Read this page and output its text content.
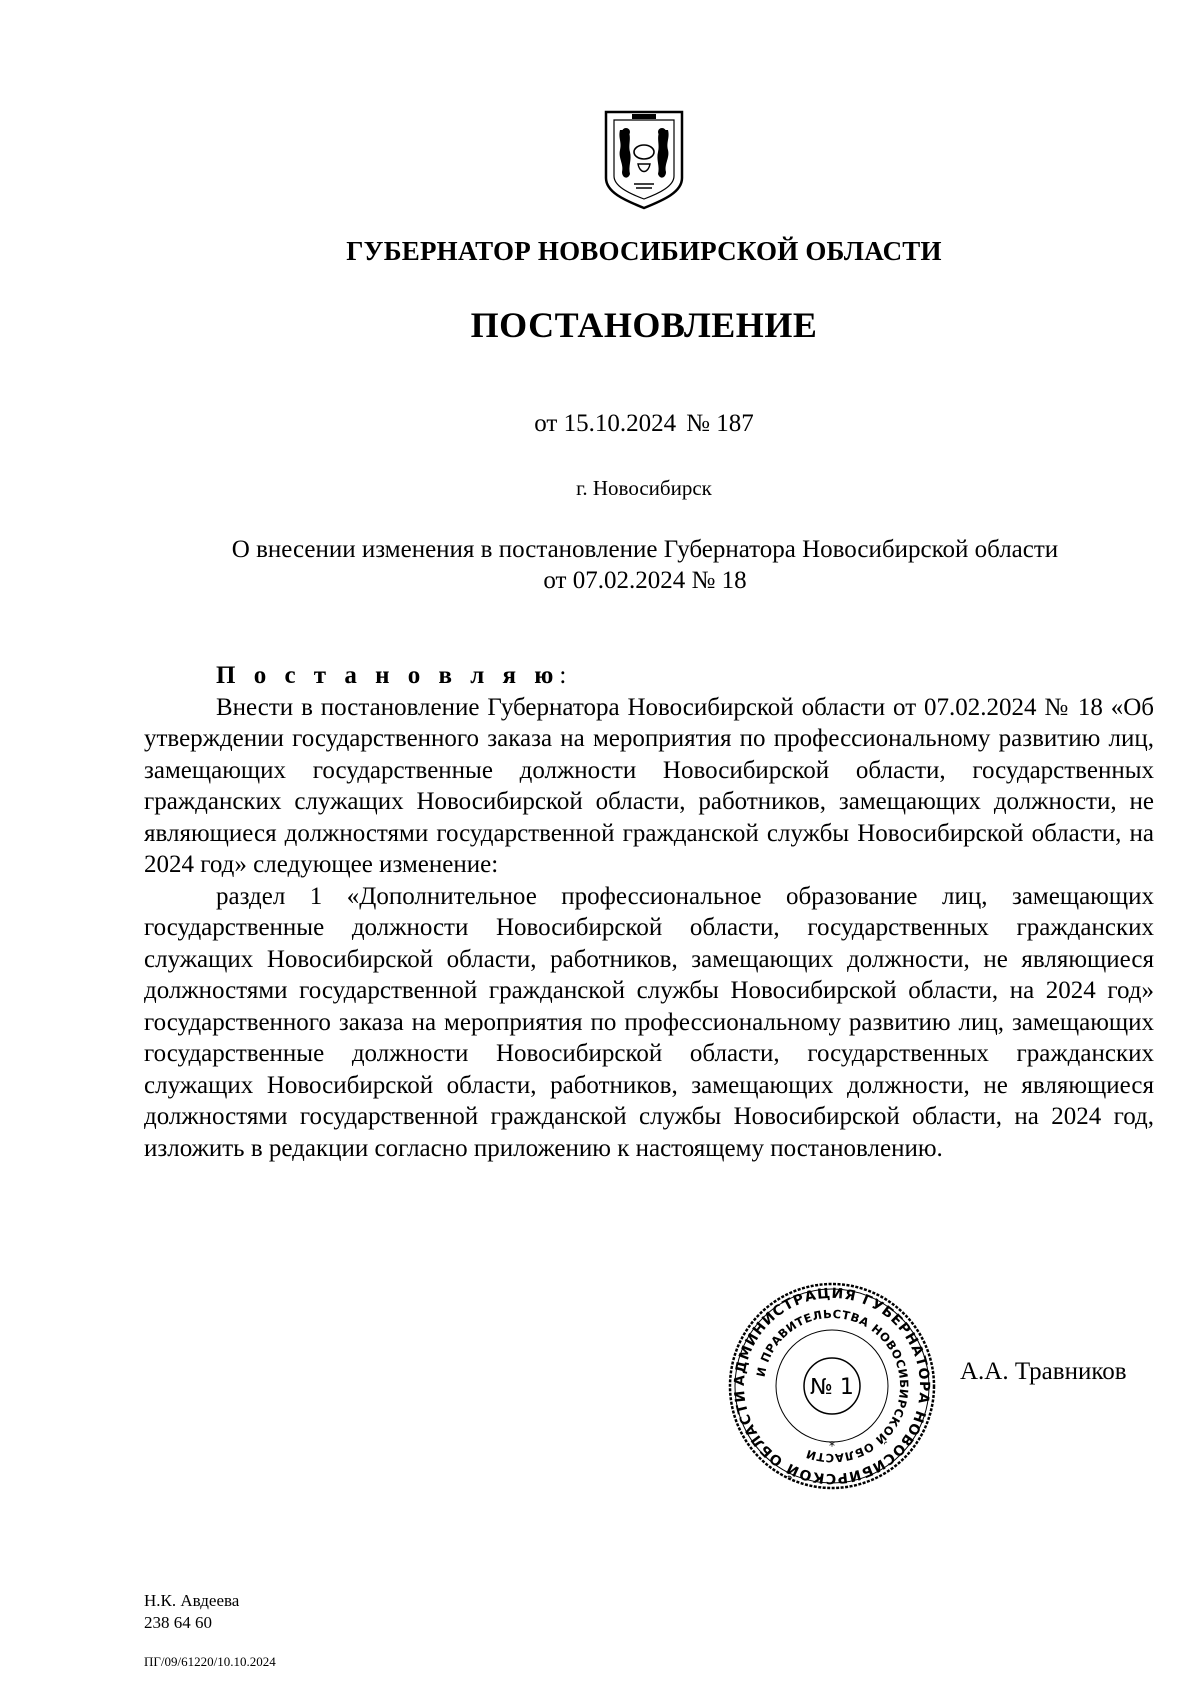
ГУБЕРНАТОР НОВОСИБИРСКОЙ ОБЛАСТИ
ПОСТАНОВЛЕНИЕ
от 15.10.2024 № 187
г. Новосибирск
О внесении изменения в постановление Губернатора Новосибирской области
от 07.02.2024 № 18

П о с т а н о в л я ю:

Внести в постановление Губернатора Новосибирской области от 07.02.2024 № 18 «Об утверждении государственного заказа на мероприятия по профессиональному развитию лиц, замещающих государственные должности Новосибирской области, государственных гражданских служащих Новосибирской области, работников, замещающих должности, не являющиеся должностями государственной гражданской службы Новосибирской области, на 2024 год» следующее изменение:

раздел 1 «Дополнительное профессиональное образование лиц, замещающих государственные должности Новосибирской области, государственных гражданских служащих Новосибирской области, работников, замещающих должности, не являющиеся должностями государственной гражданской службы Новосибирской области, на 2024 год» государственного заказа на мероприятия по профессиональному развитию лиц, замещающих государственные должности Новосибирской области, государственных гражданских служащих Новосибирской области, работников, замещающих должности, не являющиеся должностями государственной гражданской службы Новосибирской области, на 2024 год, изложить в редакции согласно приложению к настоящему постановлению.

АДМИНИСТРАЦИЯ ГУБЕРНАТОРА НОВОСИБИРСКОЙ ОБЛАСТИ
И ПРАВИТЕЛЬСТВА НОВОСИБИРСКОЙ ОБЛАСТИ
№ 1
*
А.А. Травников
Н.К. Авдеева
238 64 60
ПГ/09/61220/10.10.2024
